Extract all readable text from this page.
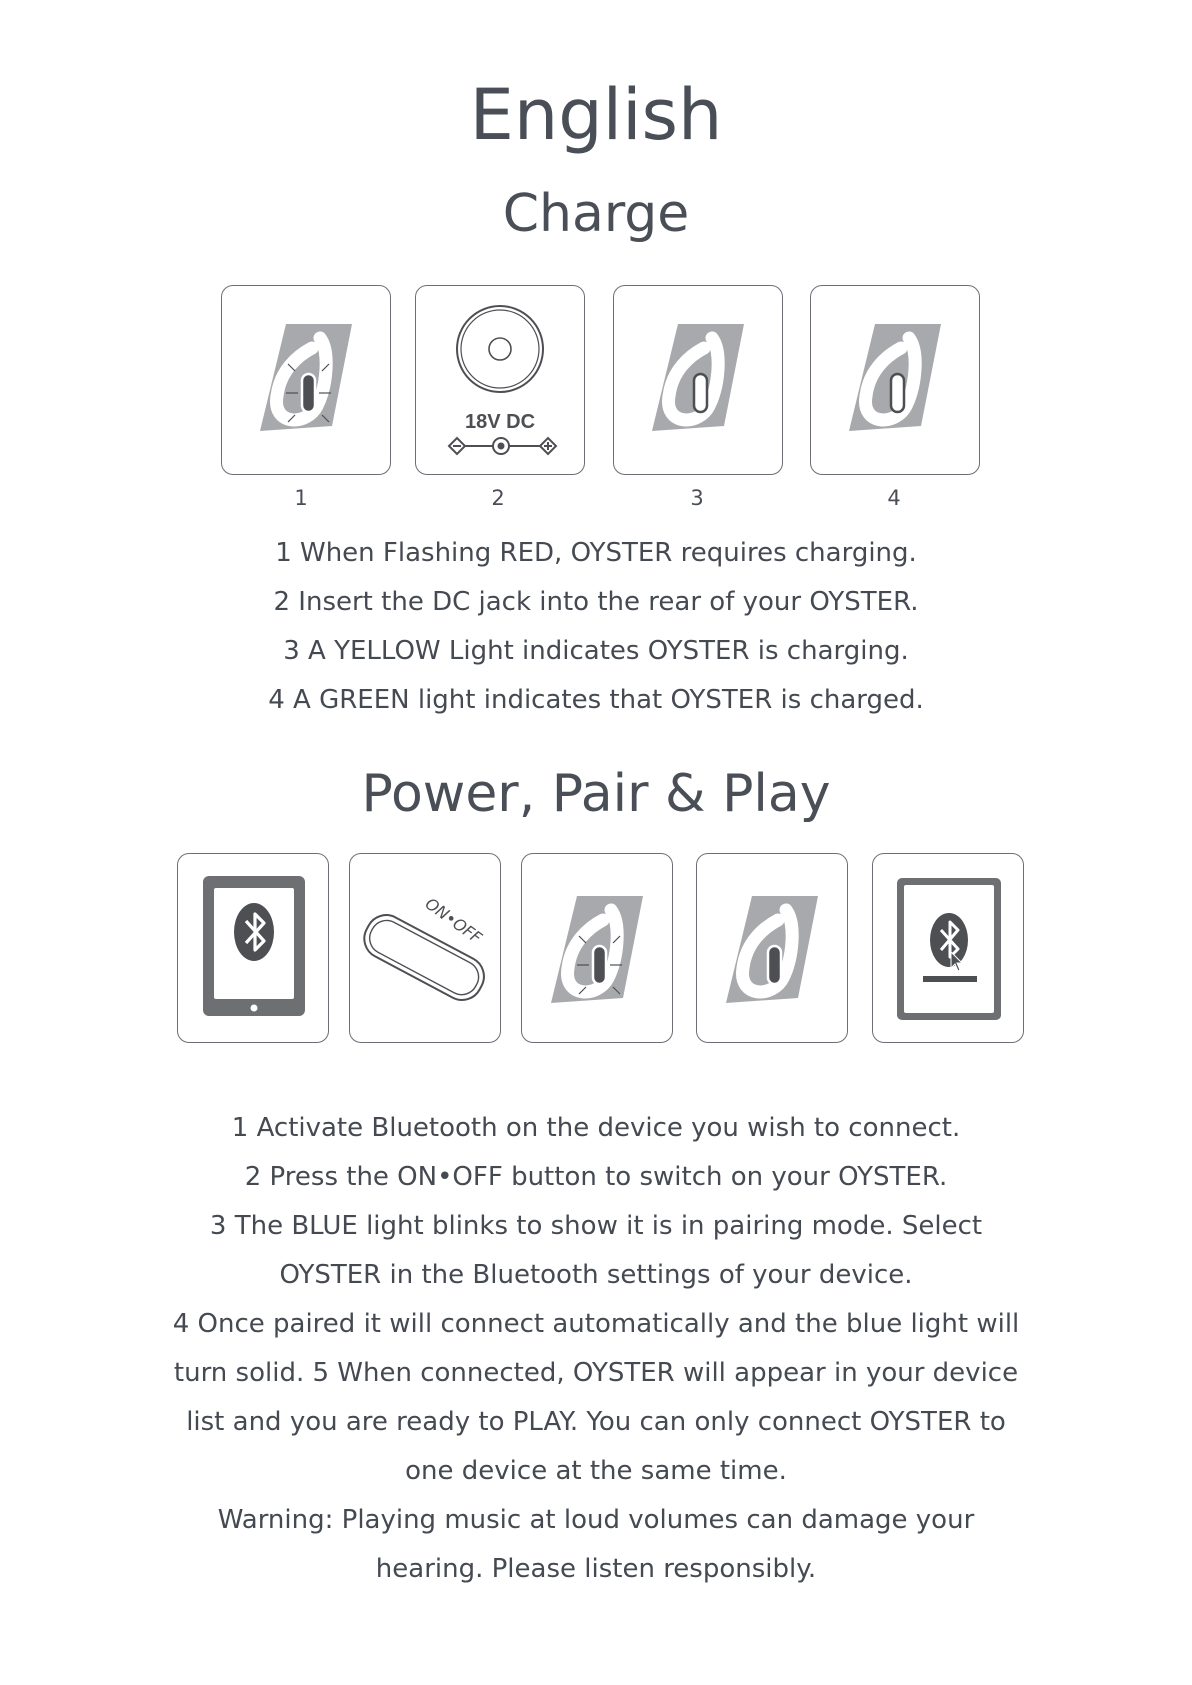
English
Charge
18V DC
1	2	3	4
1 When Flashing RED, OYSTER requires charging.
2 Insert the DC jack into the rear of your OYSTER.
3 A YELLOW Light indicates OYSTER is charging.
4 A GREEN light indicates that OYSTER is charged.
Power, Pair & Play
ON•OFF
1 Activate Bluetooth on the device you wish to connect.
2 Press the ON•OFF button to switch on your OYSTER.
3 The BLUE light blinks to show it is in pairing mode. Select
OYSTER in the Bluetooth settings of your device.
4 Once paired it will connect automatically and the blue light will
turn solid. 5 When connected, OYSTER will appear in your device
list and you are ready to PLAY. You can only connect OYSTER to
one device at the same time.
Warning: Playing music at loud volumes can damage your
hearing. Please listen responsibly.
